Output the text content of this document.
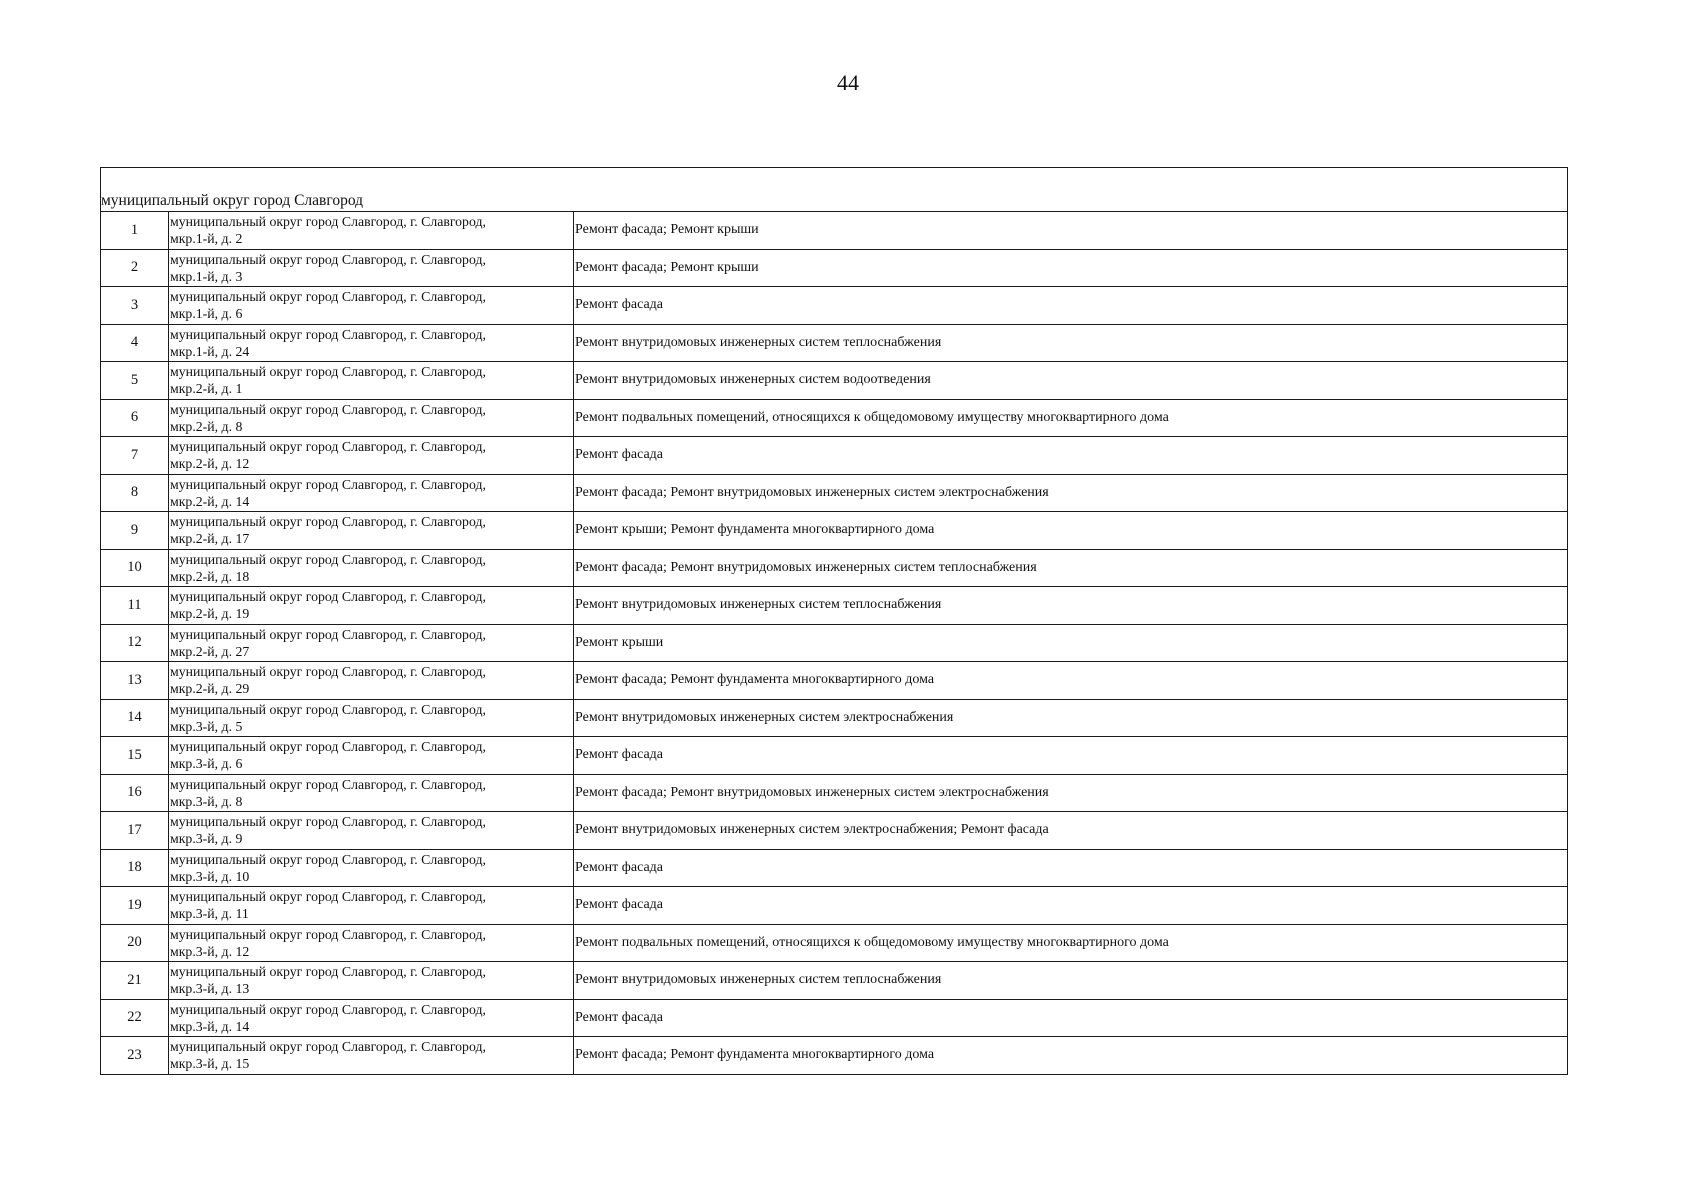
44
муниципальный округ город Славгород		
1	муниципальный округ город Славгород, г. Славгород,
мкр.1-й, д. 2	Ремонт фасада; Ремонт крыши
2	муниципальный округ город Славгород, г. Славгород,
мкр.1-й, д. 3	Ремонт фасада; Ремонт крыши
3	муниципальный округ город Славгород, г. Славгород,
мкр.1-й, д. 6	Ремонт фасада
4	муниципальный округ город Славгород, г. Славгород,
мкр.1-й, д. 24	Ремонт внутридомовых инженерных систем теплоснабжения
5	муниципальный округ город Славгород, г. Славгород,
мкр.2-й, д. 1	Ремонт внутридомовых инженерных систем водоотведения
6	муниципальный округ город Славгород, г. Славгород,
мкр.2-й, д. 8	Ремонт подвальных помещений, относящихся к общедомовому имуществу многоквартирного дома
7	муниципальный округ город Славгород, г. Славгород,
мкр.2-й, д. 12	Ремонт фасада
8	муниципальный округ город Славгород, г. Славгород,
мкр.2-й, д. 14	Ремонт фасада; Ремонт внутридомовых инженерных систем электроснабжения
9	муниципальный округ город Славгород, г. Славгород,
мкр.2-й, д. 17	Ремонт крыши; Ремонт фундамента многоквартирного дома
10	муниципальный округ город Славгород, г. Славгород,
мкр.2-й, д. 18	Ремонт фасада; Ремонт внутридомовых инженерных систем теплоснабжения
11	муниципальный округ город Славгород, г. Славгород,
мкр.2-й, д. 19	Ремонт внутридомовых инженерных систем теплоснабжения
12	муниципальный округ город Славгород, г. Славгород,
мкр.2-й, д. 27	Ремонт крыши
13	муниципальный округ город Славгород, г. Славгород,
мкр.2-й, д. 29	Ремонт фасада; Ремонт фундамента многоквартирного дома
14	муниципальный округ город Славгород, г. Славгород,
мкр.3-й, д. 5	Ремонт внутридомовых инженерных систем электроснабжения
15	муниципальный округ город Славгород, г. Славгород,
мкр.3-й, д. 6	Ремонт фасада
16	муниципальный округ город Славгород, г. Славгород,
мкр.3-й, д. 8	Ремонт фасада; Ремонт внутридомовых инженерных систем электроснабжения
17	муниципальный округ город Славгород, г. Славгород,
мкр.3-й, д. 9	Ремонт внутридомовых инженерных систем электроснабжения; Ремонт фасада
18	муниципальный округ город Славгород, г. Славгород,
мкр.3-й, д. 10	Ремонт фасада
19	муниципальный округ город Славгород, г. Славгород,
мкр.3-й, д. 11	Ремонт фасада
20	муниципальный округ город Славгород, г. Славгород,
мкр.3-й, д. 12	Ремонт подвальных помещений, относящихся к общедомовому имуществу многоквартирного дома
21	муниципальный округ город Славгород, г. Славгород,
мкр.3-й, д. 13	Ремонт внутридомовых инженерных систем теплоснабжения
22	муниципальный округ город Славгород, г. Славгород,
мкр.3-й, д. 14	Ремонт фасада
23	муниципальный округ город Славгород, г. Славгород,
мкр.3-й, д. 15	Ремонт фасада; Ремонт фундамента многоквартирного дома
